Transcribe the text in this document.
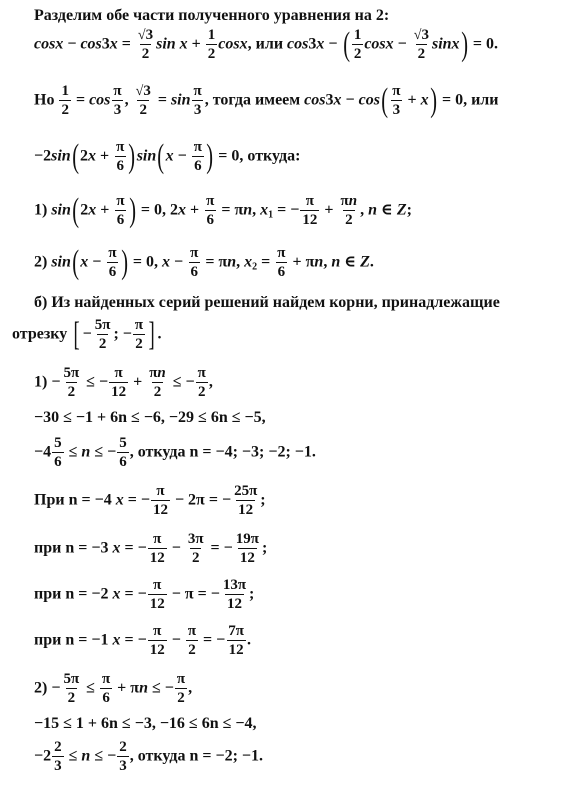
Разделим обе части полученного уравнения на 2:
$\cos x - \cos 3x = \frac{√3}{2}$ $\sin x + \frac{1}{2} \cos x$, или cos3x − ( $\frac{1}{2}$ $\cos x - \frac{√3}{2} \sin x) = 0$.
Но $\frac{1}{2} = \cos \frac{\pi}{3}$ , $\frac{√3}{2} = \sin \frac{\pi}{3}$ , тогда имеем $\cos 3x - \cos( \frac{\pi}{3} + x) = 0$, или
$-2\sin(2x + \frac{\pi}{6} )\sin(x - \frac{\pi}{6}$ ) = 0, откуда:
1) $\sin(2x + \frac{\pi}{6}$ ) = 0, $2x + \frac{\pi}{6} = \pi n$, $x_1$ = − $\frac{\pi}{12} + \frac{\pi n}{2}$ , n ∈ Z;
2) $\sin(x - \frac{\pi}{6}$ ) = 0, $x - \frac{\pi}{6} = \pi n$, $x_2 = \frac{\pi}{6} + \pi n$, n ∈ Z.
б) Из найденных серий решений найдем корни, принадлежащие
отрезку [ − $\frac{5\pi}{2}$ ; − $\frac{\pi}{2}$ ] .
$1) - \frac{5\pi}{2}$ ≤ − $\frac{\pi}{12} + \frac{\pi n}{2}$ ≤ − $\frac{\pi}{2}$ ,
−30 ≤ −1 + 6n ≤ −6, −29 ≤ 6n ≤ −5,
$-4 \frac{5}{6} \le n$ ≤ − $\frac{5}{6}$ , откуда n = −4; −3; −2; −1.
При n = −4 x = − $\frac{\pi}{12} - 2\pi$ = − $\frac{25\pi}{12}$ ;
при n = −3 x = − $\frac{\pi}{12} - \frac{3\pi}{2}$ = − $\frac{19\pi}{12}$ ;
при n = −2 x = − $\frac{\pi}{12} - \pi$ = − $\frac{13\pi}{12}$ ;
при n = −1 x = − $\frac{\pi}{12} - \frac{\pi}{2}$ = − $\frac{7\pi}{12}$ .
$2) - \frac{5\pi}{2} \le \frac{\pi}{6} + \pi n$ ≤ − $\frac{\pi}{2}$ ,
−15 ≤ 1 + 6n ≤ −3, −16 ≤ 6n ≤ −4,
$-2 \frac{2}{3} \le n$ ≤ − $\frac{2}{3}$ , откуда n = −2; −1.
